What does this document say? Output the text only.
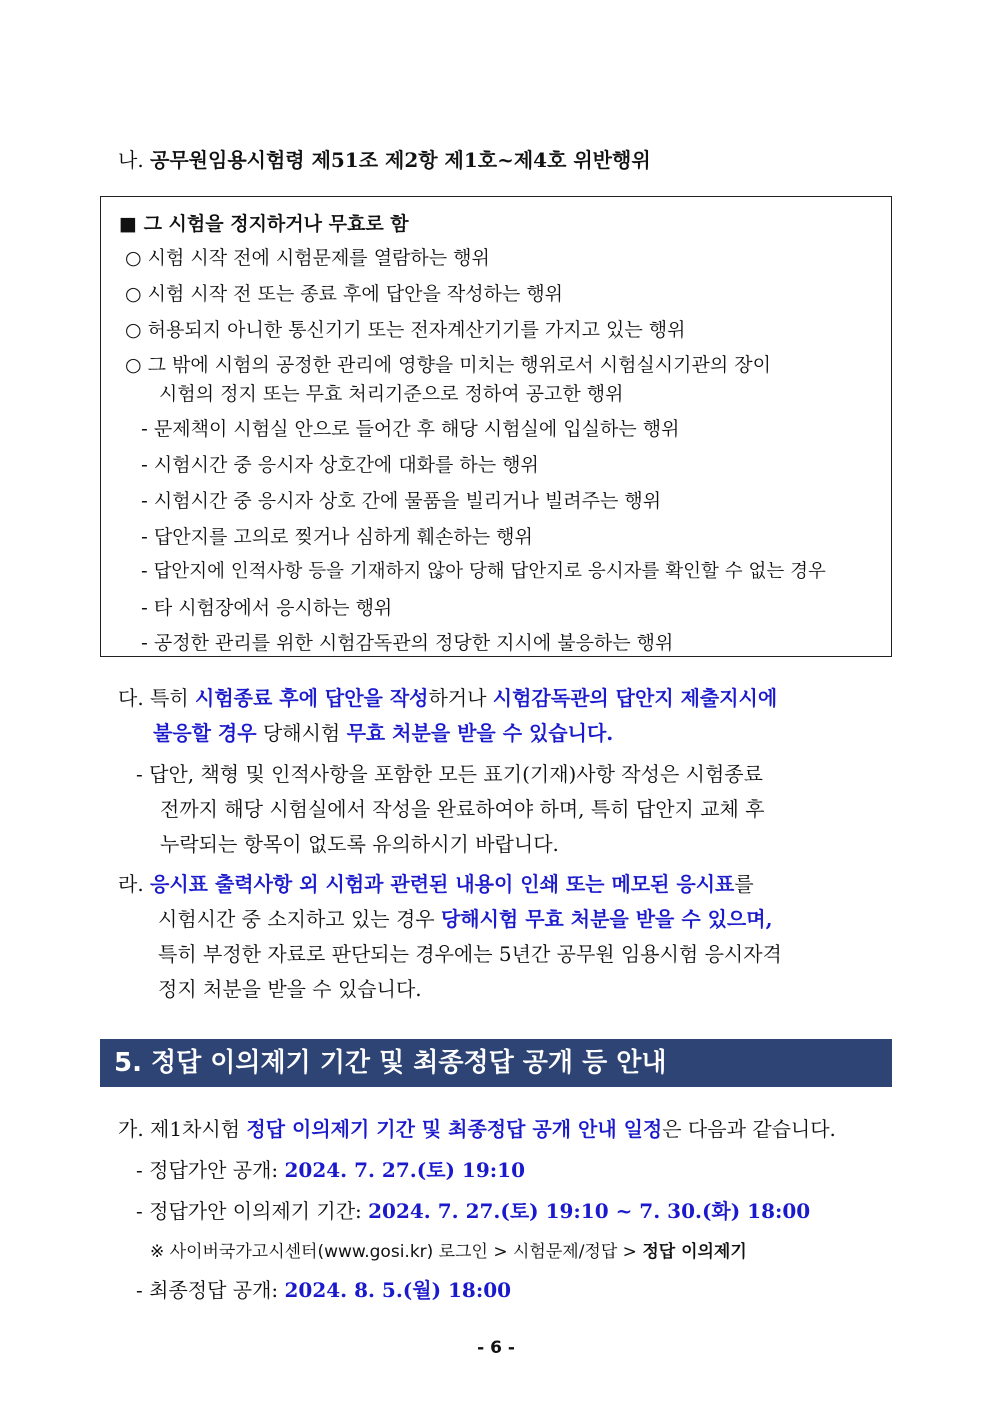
나. 공무원임용시험령 제51조 제2항 제1호~제4호 위반행위
■ 그 시험을 정지하거나 무효로 함
○ 시험 시작 전에 시험문제를 열람하는 행위
○ 시험 시작 전 또는 종료 후에 답안을 작성하는 행위
○ 허용되지 아니한 통신기기 또는 전자계산기기를 가지고 있는 행위
○ 그 밖에 시험의 공정한 관리에 영향을 미치는 행위로서 시험실시기관의 장이
시험의 정지 또는 무효 처리기준으로 정하여 공고한 행위
- 문제책이 시험실 안으로 들어간 후 해당 시험실에 입실하는 행위
- 시험시간 중 응시자 상호간에 대화를 하는 행위
- 시험시간 중 응시자 상호 간에 물품을 빌리거나 빌려주는 행위
- 답안지를 고의로 찢거나 심하게 훼손하는 행위
- 답안지에 인적사항 등을 기재하지 않아 당해 답안지로 응시자를 확인할 수 없는 경우
- 타 시험장에서 응시하는 행위
- 공정한 관리를 위한 시험감독관의 정당한 지시에 불응하는 행위
다. 특히 시험종료 후에 답안을 작성하거나 시험감독관의 답안지 제출지시에
불응할 경우 당해시험 무효 처분을 받을 수 있습니다.
- 답안, 책형 및 인적사항을 포함한 모든 표기(기재)사항 작성은 시험종료
전까지 해당 시험실에서 작성을 완료하여야 하며, 특히 답안지 교체 후
누락되는 항목이 없도록 유의하시기 바랍니다.
라. 응시표 출력사항 외 시험과 관련된 내용이 인쇄 또는 메모된 응시표를
시험시간 중 소지하고 있는 경우 당해시험 무효 처분을 받을 수 있으며,
특히 부정한 자료로 판단되는 경우에는 5년간 공무원 임용시험 응시자격
정지 처분을 받을 수 있습니다.
5. 정답 이의제기 기간 및 최종정답 공개 등 안내
가. 제1차시험 정답 이의제기 기간 및 최종정답 공개 안내 일정은 다음과 같습니다.
- 정답가안 공개: 2024. 7. 27.(토) 19:10
- 정답가안 이의제기 기간: 2024. 7. 27.(토) 19:10 ~ 7. 30.(화) 18:00
※ 사이버국가고시센터(www.gosi.kr) 로그인 > 시험문제/정답 > 정답 이의제기
- 최종정답 공개: 2024. 8. 5.(월) 18:00
- 6 -
